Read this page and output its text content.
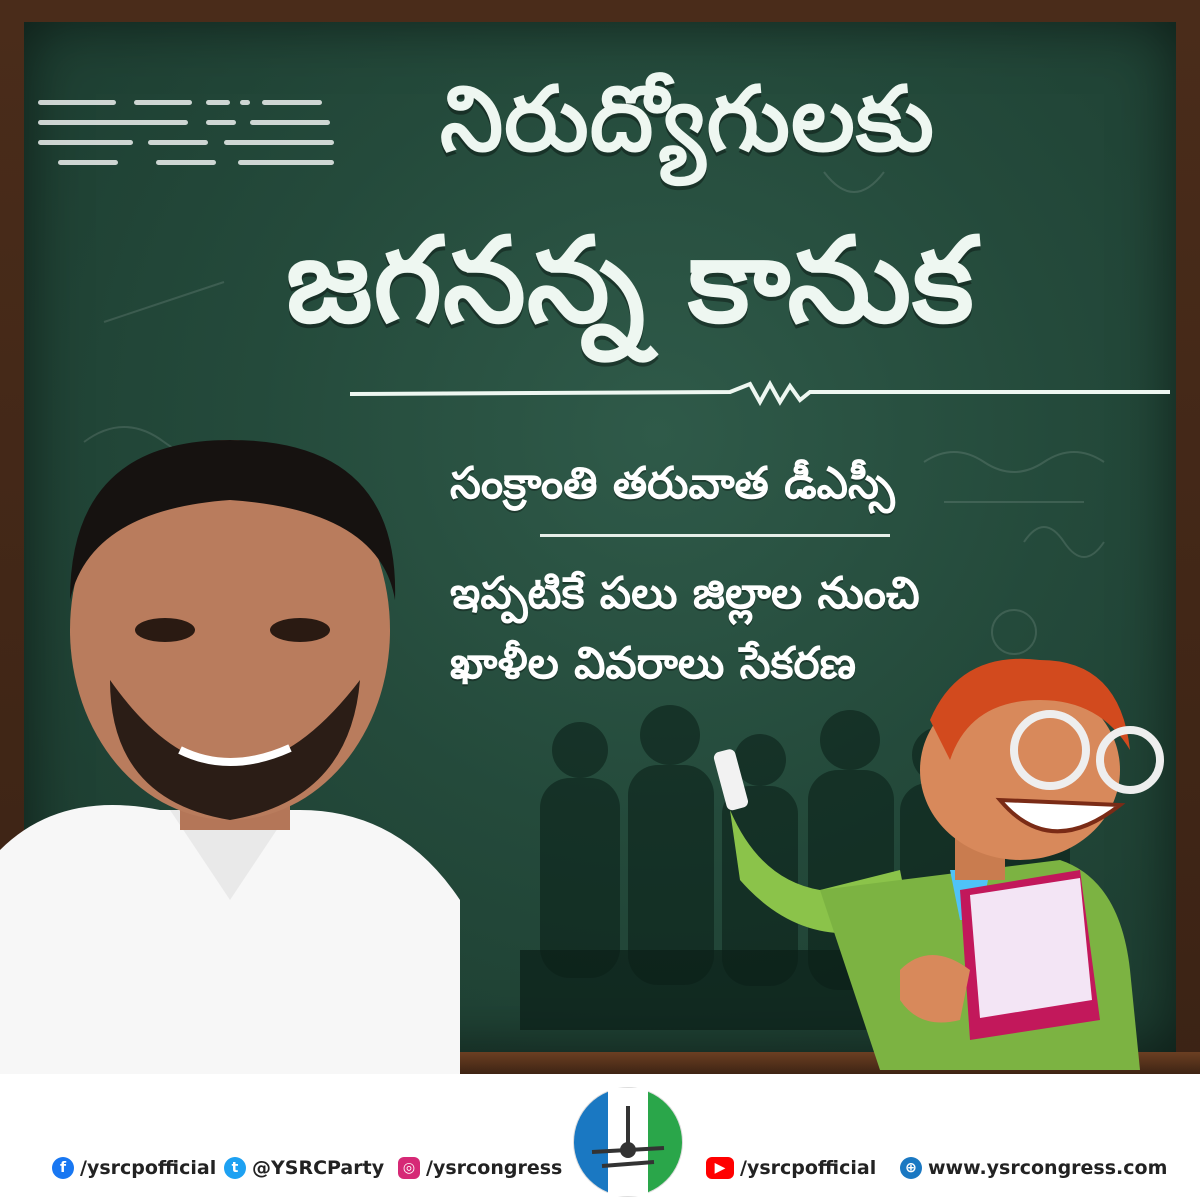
నిరుద్యోగులకు
జగనన్న కానుక
సంక్రాంతి తరువాత డీఎస్సీ
ఇప్పటికే పలు జిల్లాల నుంచి
ఖాళీల వివరాలు సేకరణ
f /ysrcpofficial	t @YSRCParty	◎ /ysrcongress	▶ /ysrcpofficial	⊕ www.ysrcongress.com
